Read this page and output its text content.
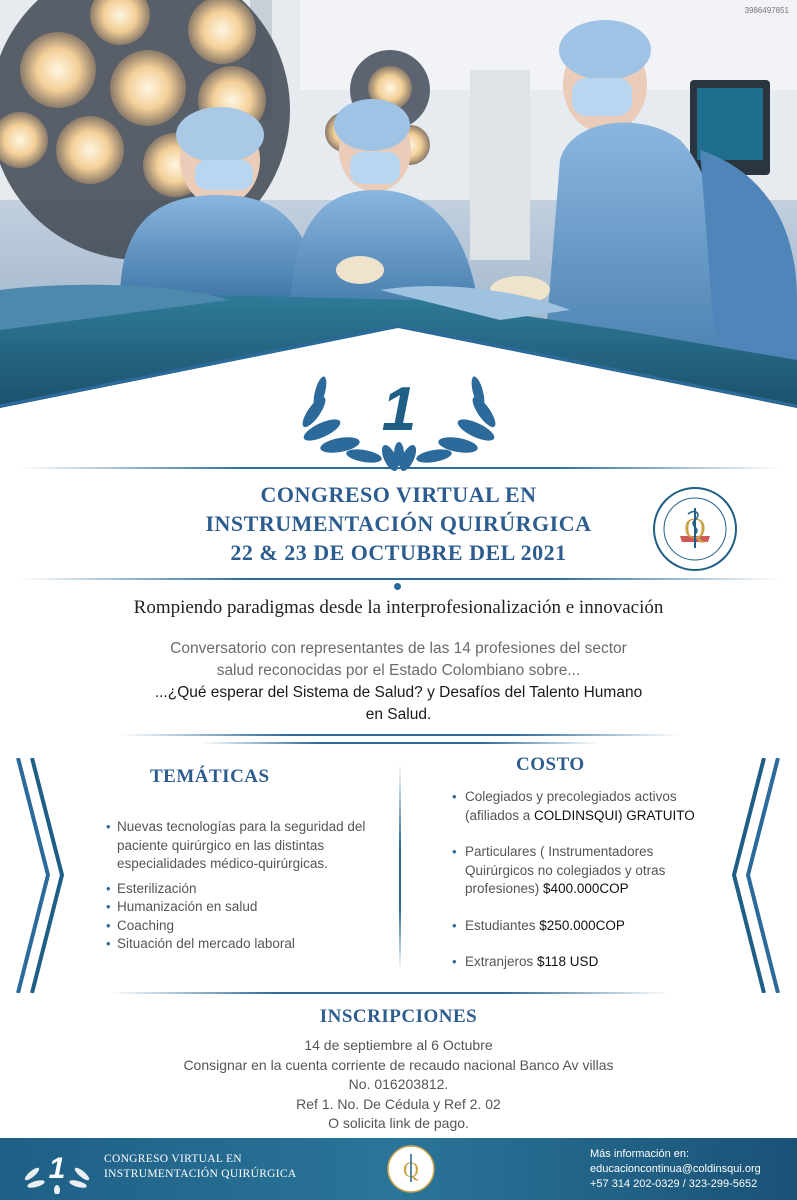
3986497851
1
CONGRESO VIRTUAL EN
INSTRUMENTACIÓN QUIRÚRGICA
22 & 23 DE OCTUBRE DEL 2021
Q
Rompiendo paradigmas desde la interprofesionalización e innovación
Conversatorio con representantes de las 14 profesiones del sector
salud reconocidas por el Estado Colombiano sobre...
...¿Qué esperar del Sistema de Salud? y Desafíos del Talento Humano
en Salud.
TEMÁTICAS
• Nuevas tecnologías para la seguridad del paciente quirúrgico en las distintas especialidades médico-quirúrgicas.
• Esterilización
• Humanización en salud
• Coaching
• Situación del mercado laboral
COSTO
• Colegiados y precolegiados activos (afiliados a COLDINSQUI) GRATUITO
• Particulares ( Instrumentadores Quirúrgicos no colegiados y otras profesiones) $400.000COP
• Estudiantes $250.000COP
• Extranjeros $118 USD
INSCRIPCIONES
14 de septiembre al 6 Octubre
Consignar en la cuenta corriente de recaudo nacional Banco Av villas
No. 016203812.
Ref 1. No. De Cédula y Ref 2. 02
O solicita link de pago.
1	CONGRESO VIRTUAL EN
INSTRUMENTACIÓN QUIRÚRGICA	Q
Más información en:
educacioncontinua@coldinsqui.org
+57 314 202-0329 / 323-299-5652
